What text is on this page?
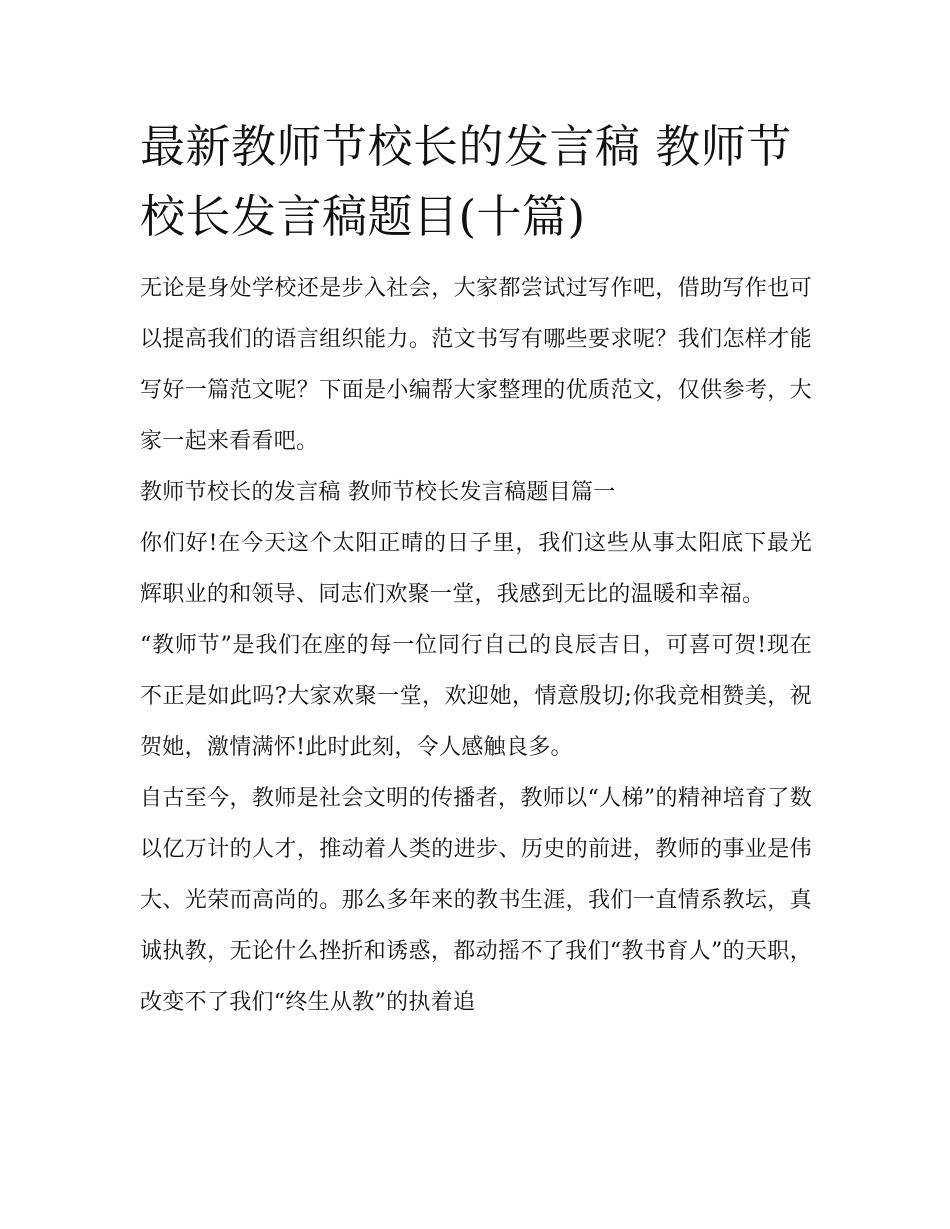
最新教师节校长的发言稿 教师节校长发言稿题目(十篇)

无论是身处学校还是步入社会，大家都尝试过写作吧，借助写作也可以提高我们的语言组织能力。范文书写有哪些要求呢？我们怎样才能写好一篇范文呢？下面是小编帮大家整理的优质范文，仅供参考，大家一起来看看吧。

教师节校长的发言稿 教师节校长发言稿题目篇一

你们好!在今天这个太阳正晴的日子里，我们这些从事太阳底下最光辉职业的和领导、同志们欢聚一堂，我感到无比的温暖和幸福。

“教师节”是我们在座的每一位同行自己的良辰吉日，可喜可贺!现在不正是如此吗?大家欢聚一堂，欢迎她，情意殷切;你我竞相赞美，祝贺她，激情满怀!此时此刻，令人感触良多。

自古至今，教师是社会文明的传播者，教师以“人梯”的精神培育了数以亿万计的人才，推动着人类的进步、历史的前进，教师的事业是伟大、光荣而高尚的。那么多年来的教书生涯，我们一直情系教坛，真诚执教，无论什么挫折和诱惑，都动摇不了我们“教书育人”的天职，改变不了我们“终生从教”的执着追
